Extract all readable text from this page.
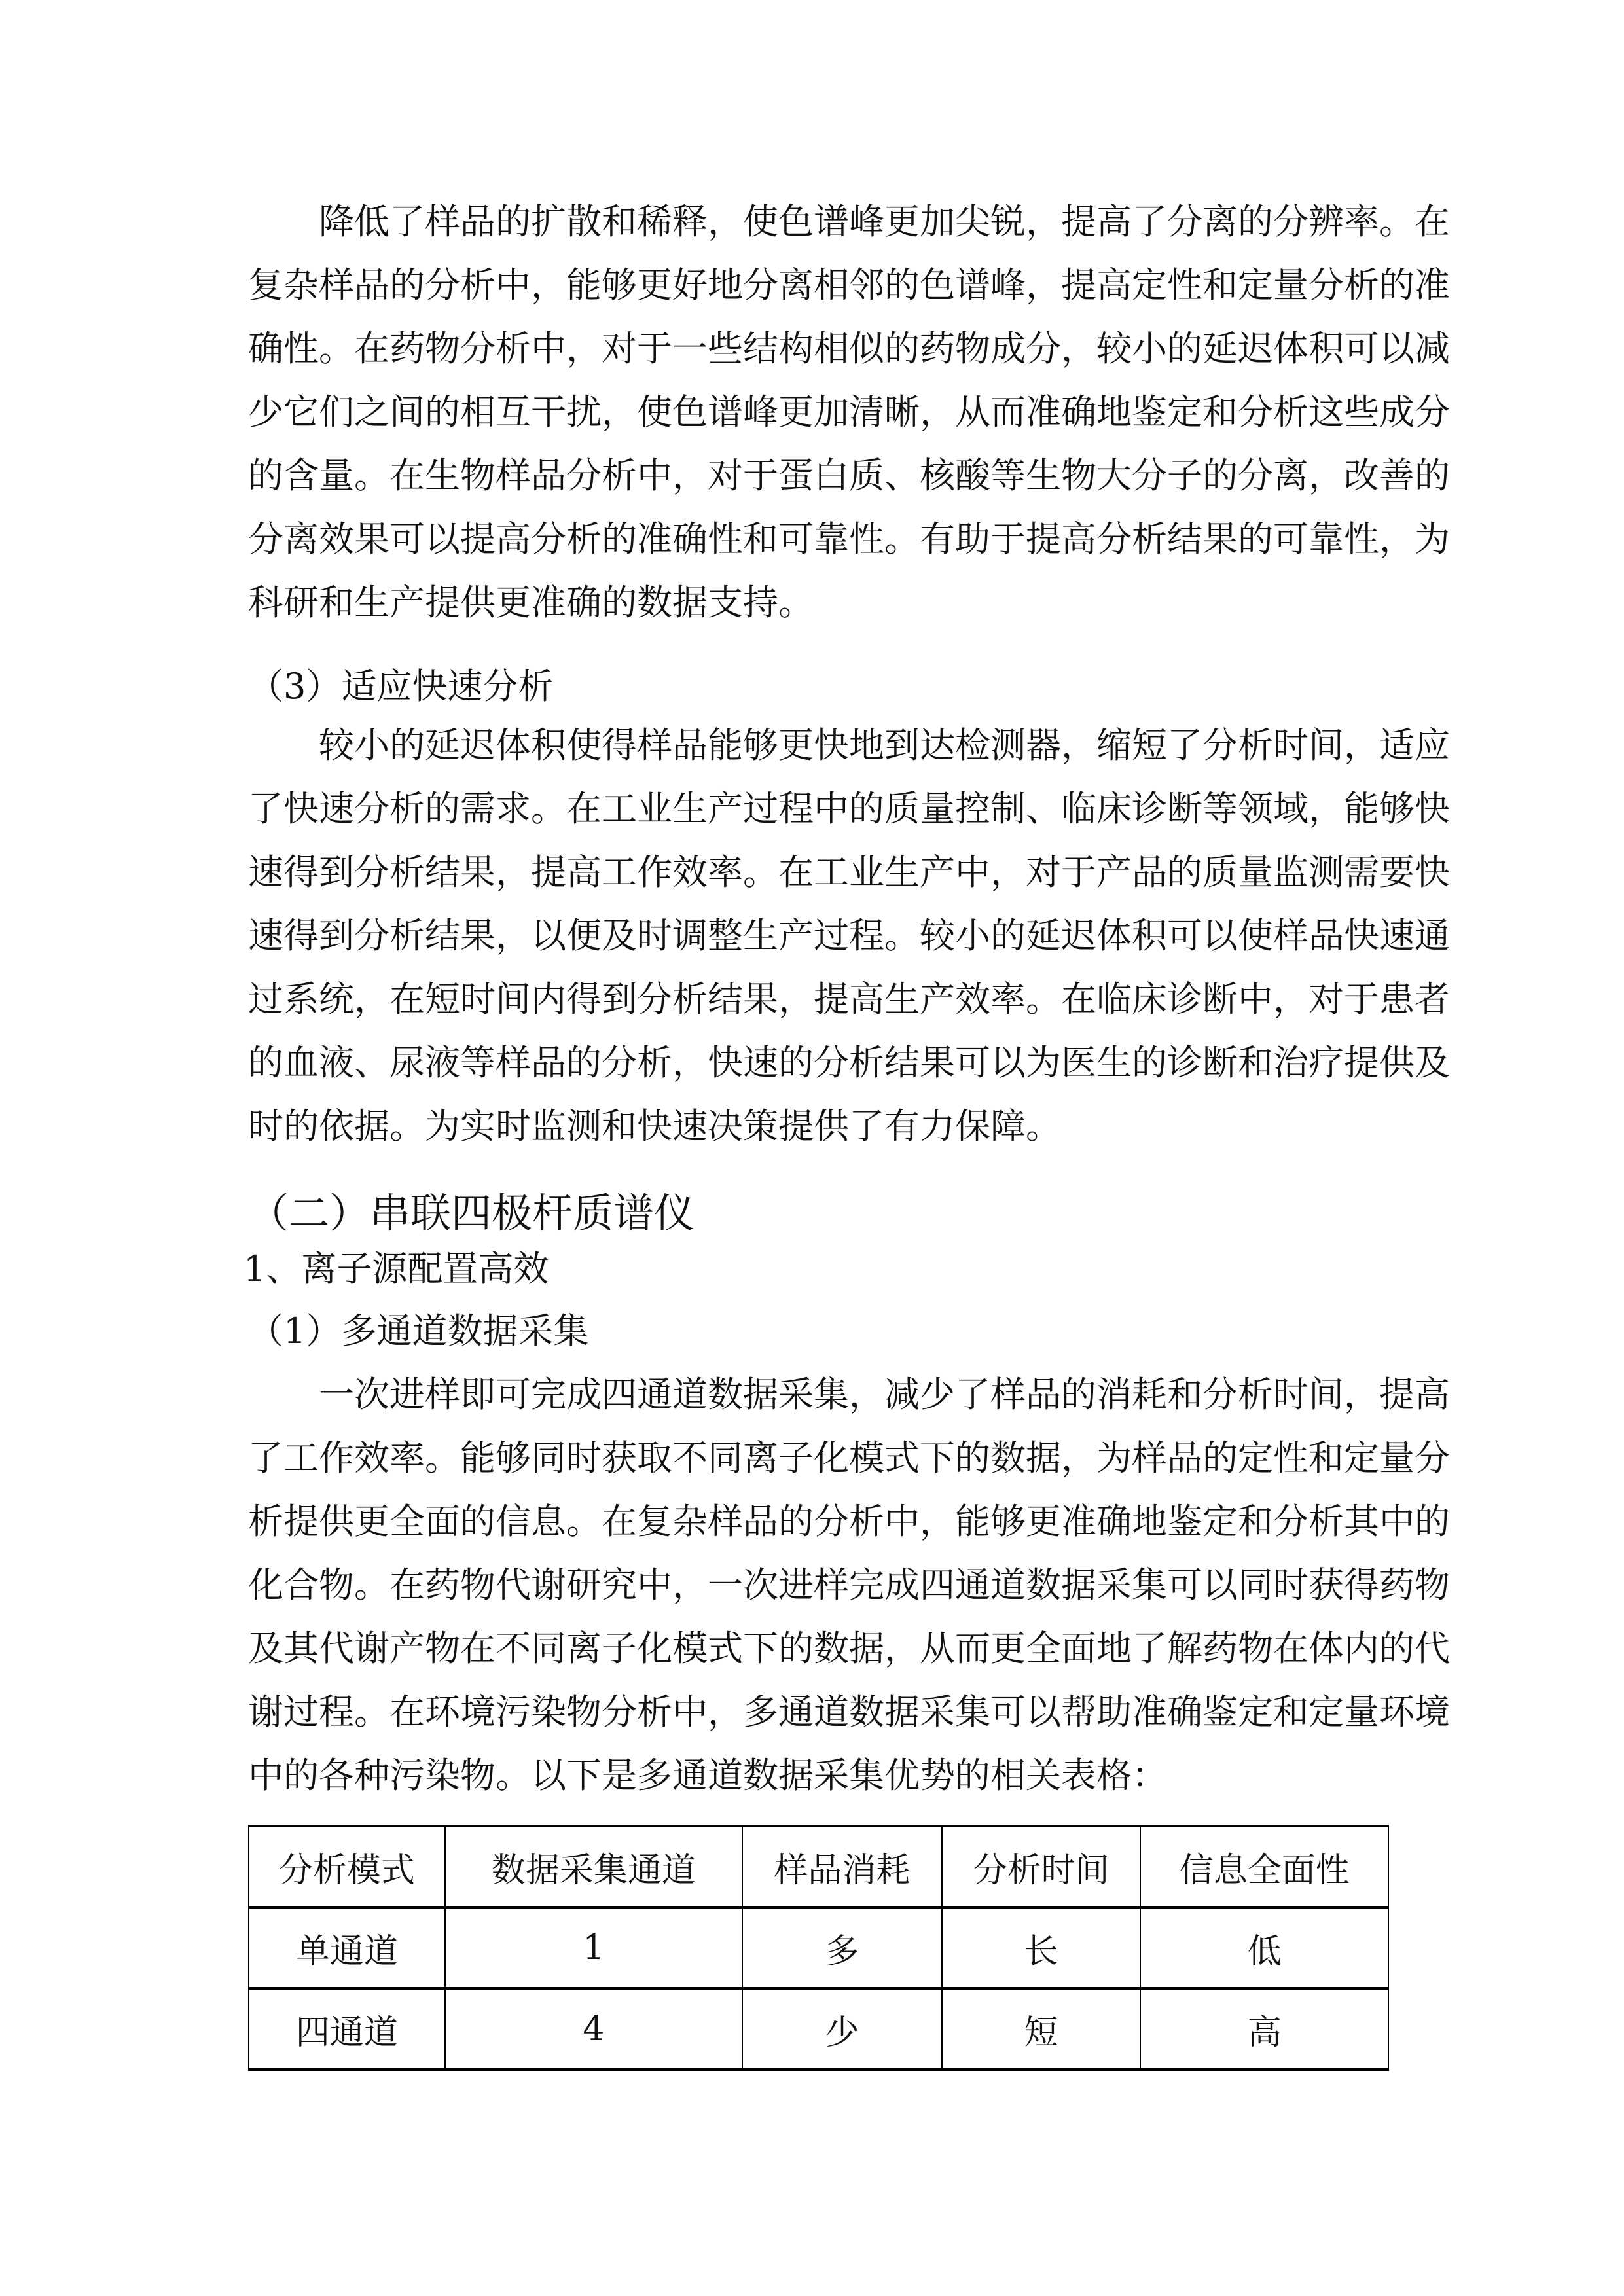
降低了样品的扩散和稀释，使色谱峰更加尖锐，提高了分离的分辨率。在
复杂样品的分析中，能够更好地分离相邻的色谱峰，提高定性和定量分析的准
确性。在药物分析中，对于一些结构相似的药物成分，较小的延迟体积可以减
少它们之间的相互干扰，使色谱峰更加清晰，从而准确地鉴定和分析这些成分
的含量。在生物样品分析中，对于蛋白质、核酸等生物大分子的分离，改善的
分离效果可以提高分析的准确性和可靠性。有助于提高分析结果的可靠性，为
科研和生产提供更准确的数据支持。
（3）适应快速分析
较小的延迟体积使得样品能够更快地到达检测器，缩短了分析时间，适应
了快速分析的需求。在工业生产过程中的质量控制、临床诊断等领域，能够快
速得到分析结果，提高工作效率。在工业生产中，对于产品的质量监测需要快
速得到分析结果，以便及时调整生产过程。较小的延迟体积可以使样品快速通
过系统，在短时间内得到分析结果，提高生产效率。在临床诊断中，对于患者
的血液、尿液等样品的分析，快速的分析结果可以为医生的诊断和治疗提供及
时的依据。为实时监测和快速决策提供了有力保障。
（二）串联四极杆质谱仪
1、离子源配置高效
（1）多通道数据采集
一次进样即可完成四通道数据采集，减少了样品的消耗和分析时间，提高
了工作效率。能够同时获取不同离子化模式下的数据，为样品的定性和定量分
析提供更全面的信息。在复杂样品的分析中，能够更准确地鉴定和分析其中的
化合物。在药物代谢研究中，一次进样完成四通道数据采集可以同时获得药物
及其代谢产物在不同离子化模式下的数据，从而更全面地了解药物在体内的代
谢过程。在环境污染物分析中，多通道数据采集可以帮助准确鉴定和定量环境
中的各种污染物。以下是多通道数据采集优势的相关表格：
分析模式	数据采集通道	样品消耗	分析时间	信息全面性
单通道	1	多	长	低
四通道	4	少	短	高
